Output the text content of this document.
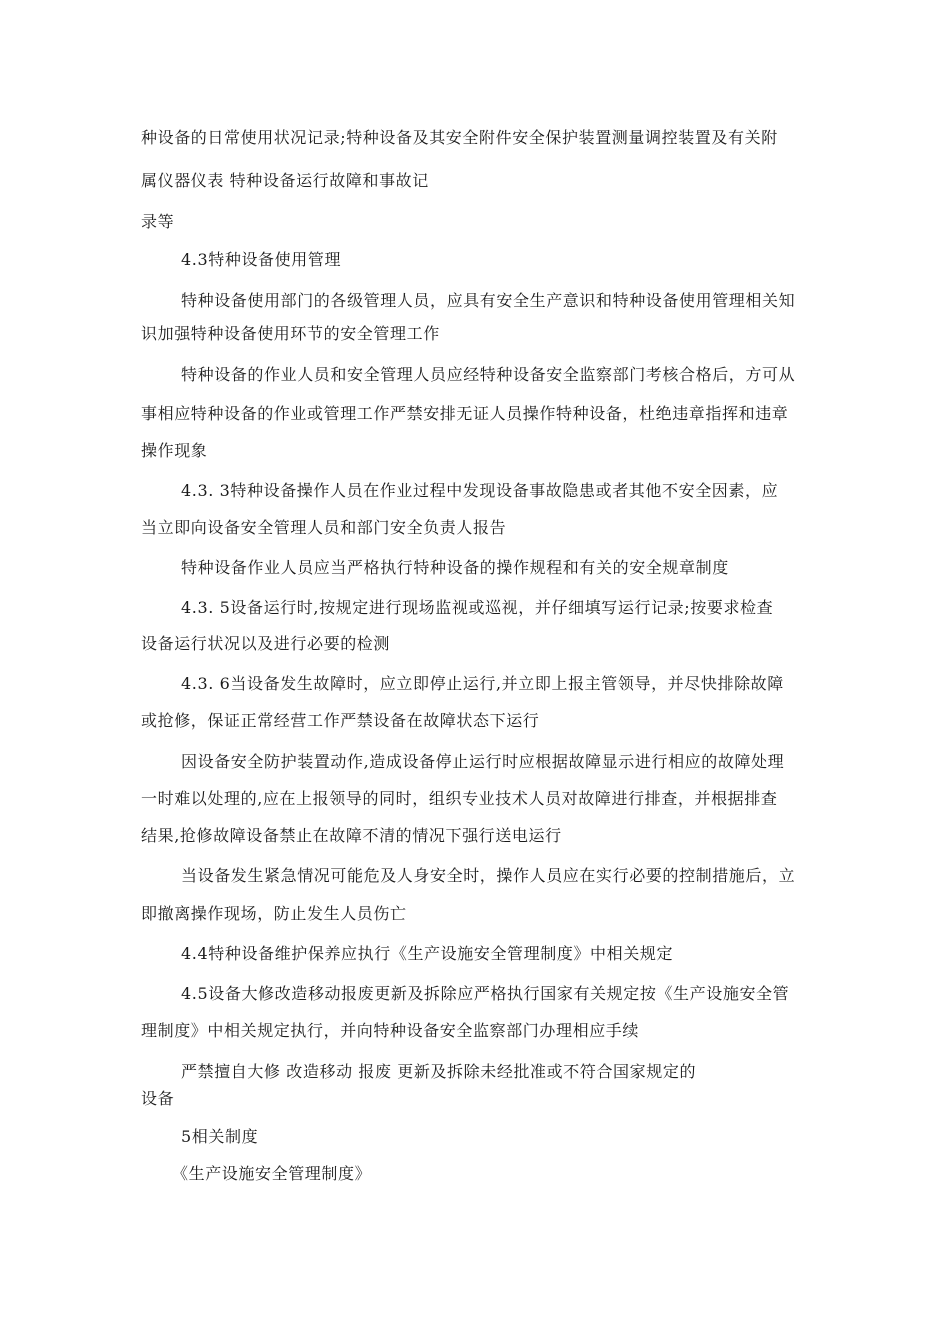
种设备的日常使用状况记录;特种设备及其安全附件安全保护装置测量调控装置及有关附
属仪器仪表 特种设备运行故障和事故记
录等
4.3特种设备使用管理
特种设备使用部门的各级管理人员，应具有安全生产意识和特种设备使用管理相关知
识加强特种设备使用环节的安全管理工作
特种设备的作业人员和安全管理人员应经特种设备安全监察部门考核合格后，方可从
事相应特种设备的作业或管理工作严禁安排无证人员操作特种设备，杜绝违章指挥和违章
操作现象
4.3. 3特种设备操作人员在作业过程中发现设备事故隐患或者其他不安全因素，应
当立即向设备安全管理人员和部门安全负责人报告
特种设备作业人员应当严格执行特种设备的操作规程和有关的安全规章制度
4.3. 5设备运行时,按规定进行现场监视或巡视，并仔细填写运行记录;按要求检查
设备运行状况以及进行必要的检测
4.3. 6当设备发生故障时，应立即停止运行,并立即上报主管领导，并尽快排除故障
或抢修，保证正常经营工作严禁设备在故障状态下运行
因设备安全防护装置动作,造成设备停止运行时应根据故障显示进行相应的故障处理
一时难以处理的,应在上报领导的同时，组织专业技术人员对故障进行排查，并根据排查
结果,抢修故障设备禁止在故障不清的情况下强行送电运行
当设备发生紧急情况可能危及人身安全时，操作人员应在实行必要的控制措施后，立
即撤离操作现场，防止发生人员伤亡
4.4特种设备维护保养应执行《生产设施安全管理制度》中相关规定
4.5设备大修改造移动报废更新及拆除应严格执行国家有关规定按《生产设施安全管
理制度》中相关规定执行，并向特种设备安全监察部门办理相应手续
严禁擅自大修 改造移动 报废 更新及拆除未经批准或不符合国家规定的
设备
5相关制度
《生产设施安全管理制度》
